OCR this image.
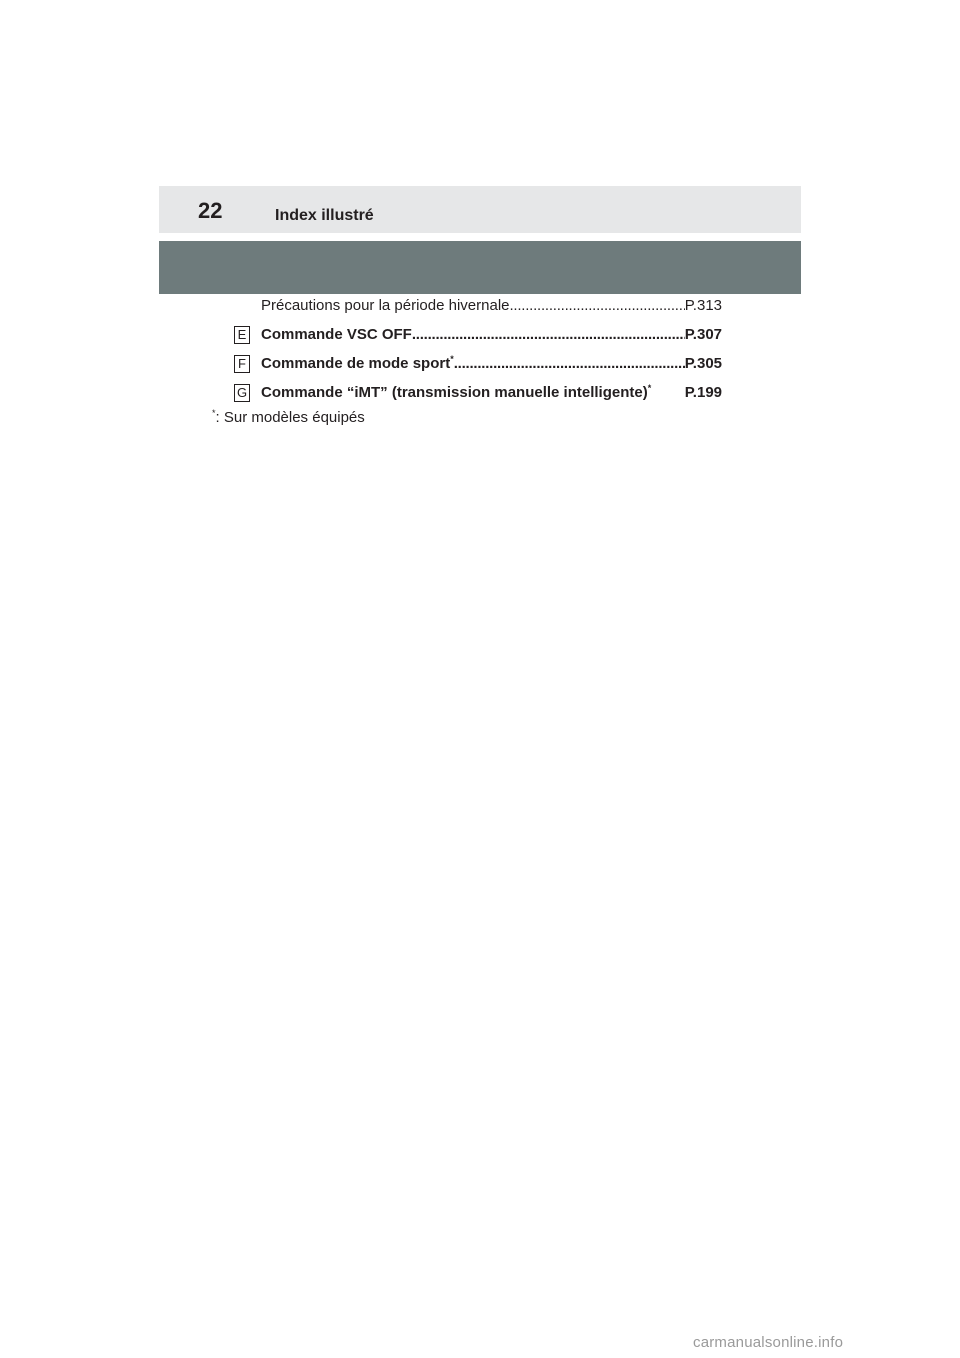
22	Index illustré
Précautions pour la période hivernale . . .	P.313
E Commande VSC OFF . . .	P.307
F Commande de mode sport* . . .	P.305
G Commande “iMT” (transmission manuelle intelligente)* P.199
*: Sur modèles équipés
carmanualsonline.info
